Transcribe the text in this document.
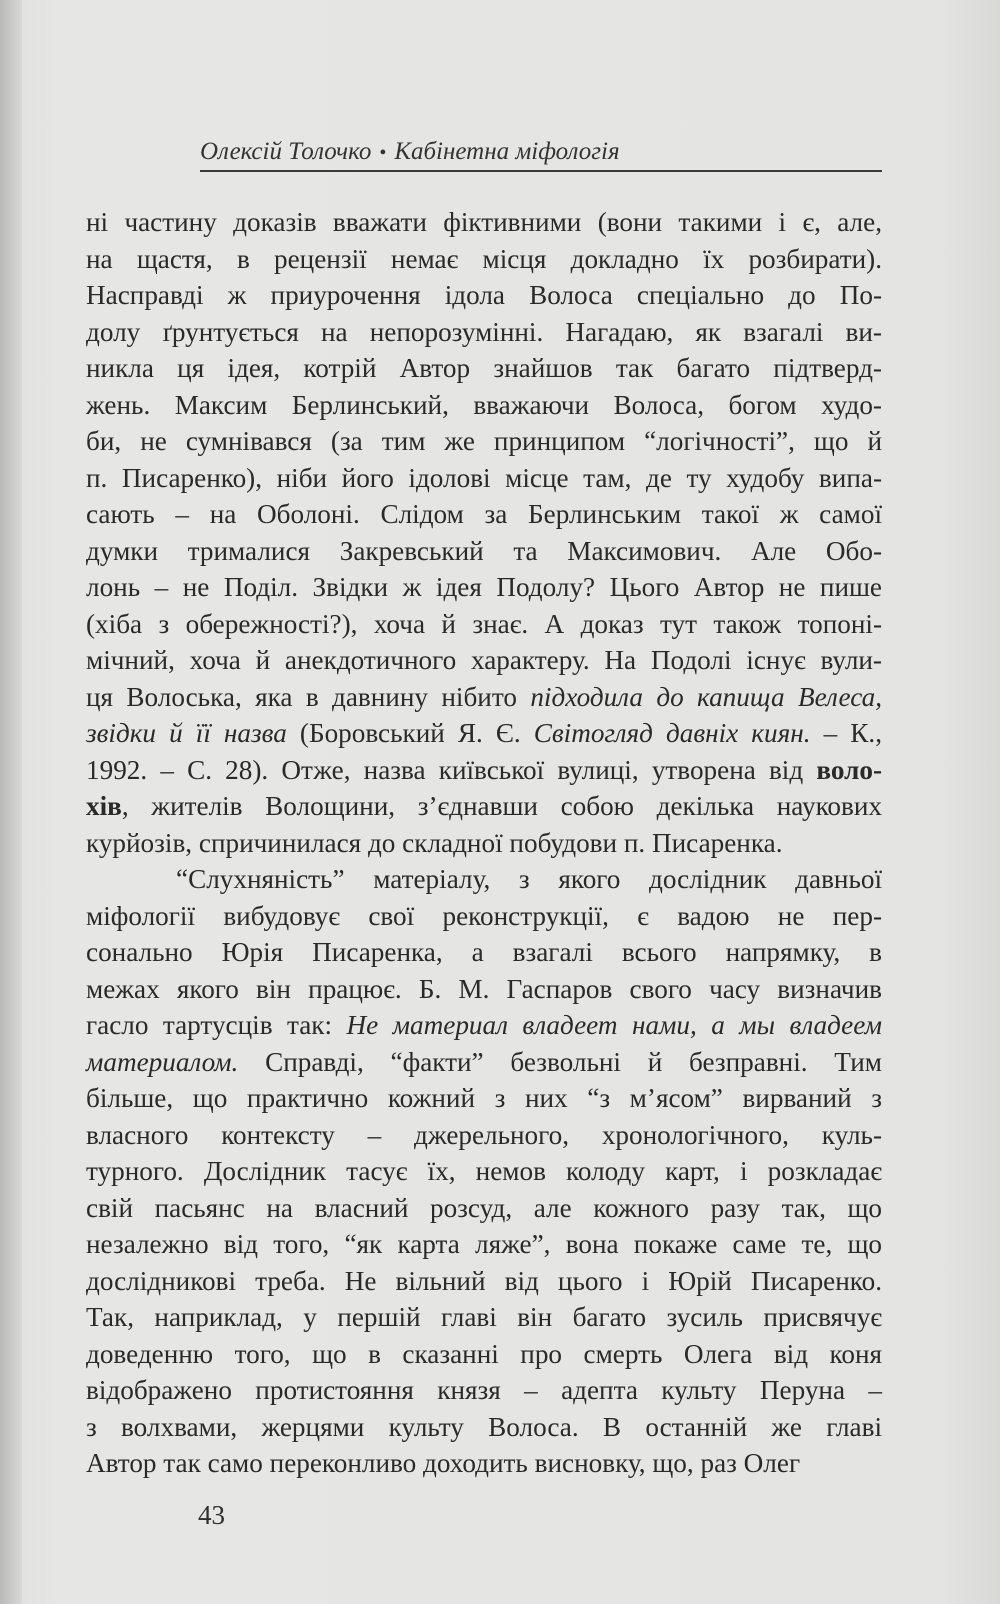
Олексій Толочко • Кабінетна міфологія
ні частину доказів вважати фіктивними (вони такими і є, але,
на щастя, в рецензії немає місця докладно їх розбирати).
Насправді ж приурочення ідола Волоса спеціально до По-
долу ґрунтується на непорозумінні. Нагадаю, як взагалі ви-
никла ця ідея, котрій Автор знайшов так багато підтверд-
жень. Максим Берлинський, вважаючи Волоса, богом худо-
би, не сумнівався (за тим же принципом “логічності”, що й
п. Писаренко), ніби його ідолові місце там, де ту худобу випа-
сають – на Оболоні. Слідом за Берлинським такої ж самої
думки трималися Закревський та Максимович. Але Обо-
лонь – не Поділ. Звідки ж ідея Подолу? Цього Автор не пише
(хіба з обережності?), хоча й знає. А доказ тут також топоні-
мічний, хоча й анекдотичного характеру. На Подолі існує вули-
ця Волоська, яка в давнину нібито підходила до капища Велеса,
звідки й її назва (Боровський Я. Є. Світогляд давніх киян. – К.,
1992. – С. 28). Отже, назва київської вулиці, утворена від воло-
хів, жителів Волощини, з’єднавши собою декілька наукових
курйозів, спричинилася до складної побудови п. Писаренка.
“Слухняність” матеріалу, з якого дослідник давньої
міфології вибудовує свої реконструкції, є вадою не пер-
сонально Юрія Писаренка, а взагалі всього напрямку, в
межах якого він працює. Б. М. Гаспаров свого часу визначив
гасло тартусців так: Не материал владеет нами, а мы владеем
материалом. Справді, “факти” безвольні й безправні. Тим
більше, що практично кожний з них “з м’ясом” вирваний з
власного контексту – джерельного, хронологічного, куль-
турного. Дослідник тасує їх, немов колоду карт, і розкладає
свій пасьянс на власний розсуд, але кожного разу так, що
незалежно від того, “як карта ляже”, вона покаже саме те, що
дослідникові треба. Не вільний від цього і Юрій Писаренко.
Так, наприклад, у першій главі він багато зусиль присвячує
доведенню того, що в сказанні про смерть Олега від коня
відображено протистояння князя – адепта культу Перуна –
з волхвами, жерцями культу Волоса. В останній же главі
Автор так само переконливо доходить висновку, що, раз Олег
43
